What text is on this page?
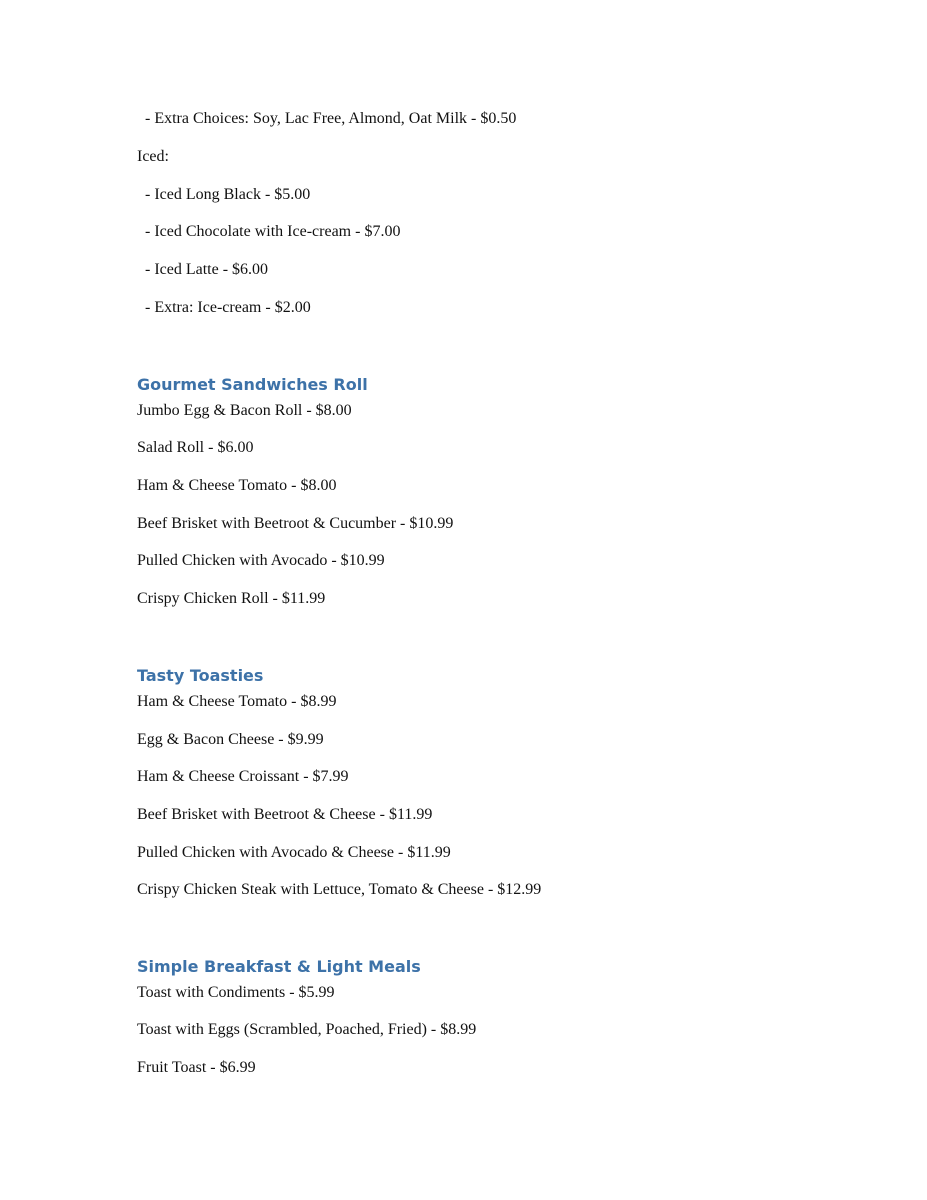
- Extra Choices: Soy, Lac Free, Almond, Oat Milk - $0.50

Iced:

- Iced Long Black - $5.00

- Iced Chocolate with Ice-cream - $7.00

- Iced Latte - $6.00

- Extra: Ice-cream - $2.00

Gourmet Sandwiches Roll

Jumbo Egg & Bacon Roll - $8.00

Salad Roll - $6.00

Ham & Cheese Tomato - $8.00

Beef Brisket with Beetroot & Cucumber - $10.99

Pulled Chicken with Avocado - $10.99

Crispy Chicken Roll - $11.99

Tasty Toasties

Ham & Cheese Tomato - $8.99

Egg & Bacon Cheese - $9.99

Ham & Cheese Croissant - $7.99

Beef Brisket with Beetroot & Cheese - $11.99

Pulled Chicken with Avocado & Cheese - $11.99

Crispy Chicken Steak with Lettuce, Tomato & Cheese - $12.99

Simple Breakfast & Light Meals

Toast with Condiments - $5.99

Toast with Eggs (Scrambled, Poached, Fried) - $8.99

Fruit Toast - $6.99
